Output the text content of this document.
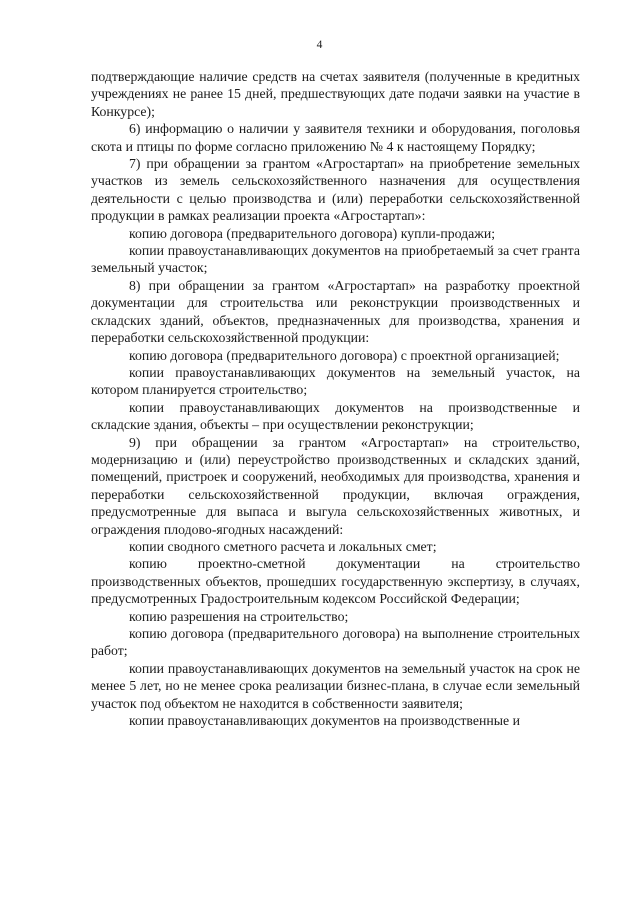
4

подтверждающие наличие средств на счетах заявителя (полученные в кредитных учреждениях не ранее 15 дней, предшествующих дате подачи заявки на участие в Конкурсе);

6) информацию о наличии у заявителя техники и оборудования, поголовья скота и птицы по форме согласно приложению № 4 к настоящему Порядку;

7) при обращении за грантом «Агростартап» на приобретение земельных участков из земель сельскохозяйственного назначения для осуществления деятельности с целью производства и (или) переработки сельскохозяйственной продукции в рамках реализации проекта «Агростартап»:

копию договора (предварительного договора) купли-продажи;

копии правоустанавливающих документов на приобретаемый за счет гранта земельный участок;

8) при обращении за грантом «Агростартап» на разработку проектной документации для строительства или реконструкции производственных и складских зданий, объектов, предназначенных для производства, хранения и переработки сельскохозяйственной продукции:

копию договора (предварительного договора) с проектной организацией;

копии правоустанавливающих документов на земельный участок, на котором планируется строительство;

копии правоустанавливающих документов на производственные и складские здания, объекты – при осуществлении реконструкции;

9) при обращении за грантом «Агростартап» на строительство, модернизацию и (или) переустройство производственных и складских зданий, помещений, пристроек и сооружений, необходимых для производства, хранения и переработки сельскохозяйственной продукции, включая ограждения, предусмотренные для выпаса и выгула сельскохозяйственных животных, и ограждения плодово-ягодных насаждений:

копии сводного сметного расчета и локальных смет;

копию проектно-сметной документации на строительство производственных объектов, прошедших государственную экспертизу, в случаях, предусмотренных Градостроительным кодексом Российской Федерации;

копию разрешения на строительство;

копию договора (предварительного договора) на выполнение строительных работ;

копии правоустанавливающих документов на земельный участок на срок не менее 5 лет, но не менее срока реализации бизнес-плана, в случае если земельный участок под объектом не находится в собственности заявителя;

копии правоустанавливающих документов на производственные и
